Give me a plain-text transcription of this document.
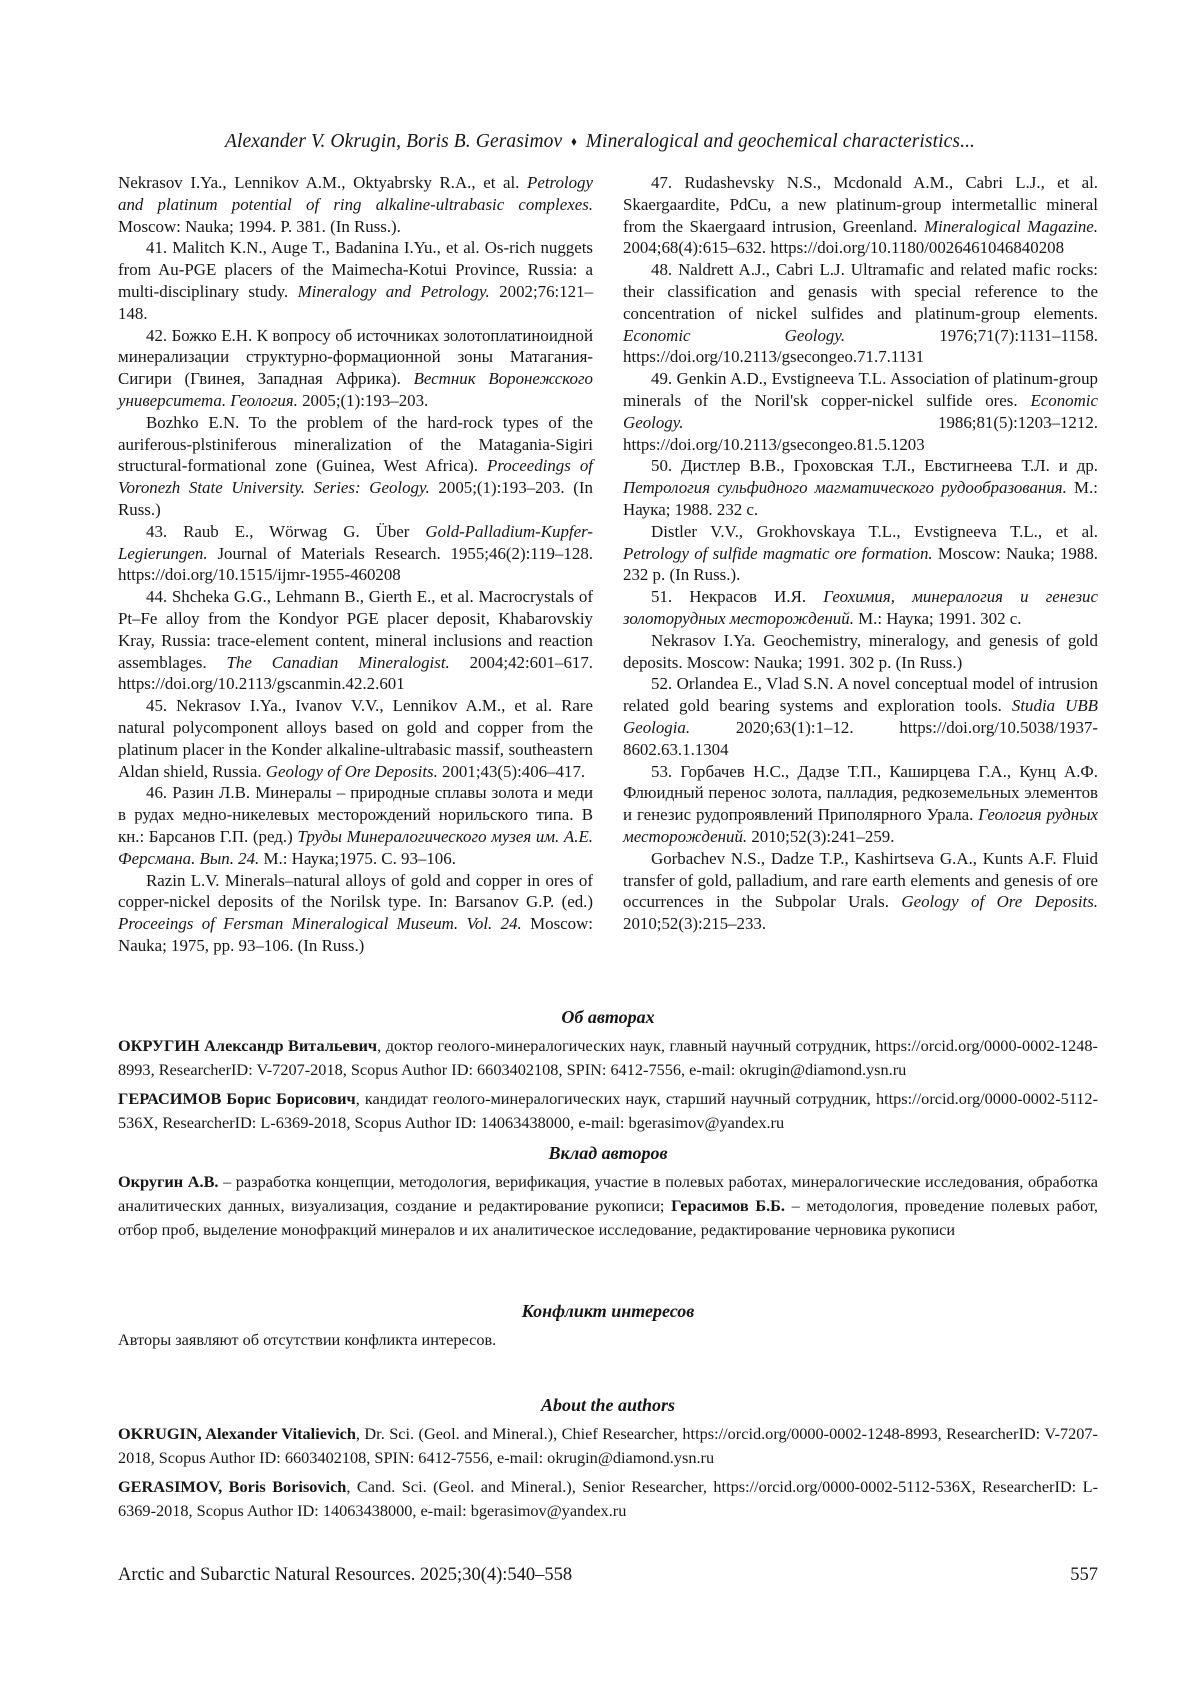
Alexander V. Okrugin, Boris B. Gerasimov ⬧ Mineralogical and geochemical characteristics...

Nekrasov I.Ya., Lennikov A.M., Oktyabrsky R.A., et al. Petrology and platinum potential of ring alkaline-ultrabasic complexes. Moscow: Nauka; 1994. P. 381. (In Russ.).

41. Malitch K.N., Auge T., Badanina I.Yu., et al. Os-rich nuggets from Au-PGE placers of the Maimecha-Kotui Province, Russia: a multi-disciplinary study. Mineralogy and Petrology. 2002;76:121–148.

42. Божко Е.Н. К вопросу об источниках золотоплатиноидной минерализации структурно-формационной зоны Матагания-Сигири (Гвинея, Западная Африка). Вестник Воронежского университета. Геология. 2005;(1):193–203.

Bozhko E.N. To the problem of the hard-rock types of the auriferous-plstiniferous mineralization of the Matagania-Sigiri structural-formational zone (Guinea, West Africa). Proceedings of Voronezh State University. Series: Geology. 2005;(1):193–203. (In Russ.)

43. Raub E., Wörwag G. Über Gold-Palladium-Kupfer-Legierungen. Journal of Materials Research. 1955;46(2):119–128. https://doi.org/10.1515/ijmr-1955-460208

44. Shcheka G.G., Lehmann B., Gierth E., et al. Macrocrystals of Pt–Fe alloy from the Kondyor PGE placer deposit, Khabarovskiy Kray, Russia: trace-element content, mineral inclusions and reaction assemblages. The Canadian Mineralogist. 2004;42:601–617. https://doi.org/10.2113/gscanmin.42.2.601

45. Nekrasov I.Ya., Ivanov V.V., Lennikov A.M., et al. Rare natural polycomponent alloys based on gold and copper from the platinum placer in the Konder alkaline-ultrabasic massif, southeastern Aldan shield, Russia. Geology of Ore Deposits. 2001;43(5):406–417.

46. Разин Л.В. Минералы – природные сплавы золота и меди в рудах медно-никелевых месторождений норильского типа. В кн.: Барсанов Г.П. (ред.) Труды Минералогического музея им. А.Е. Ферсмана. Вып. 24. М.: Наука;1975. С. 93–106.

Razin L.V. Minerals–natural alloys of gold and copper in ores of copper-nickel deposits of the Norilsk type. In: Barsanov G.P. (ed.) Proceeings of Fersman Mineralogical Museum. Vol. 24. Moscow: Nauka; 1975, pp. 93–106. (In Russ.)

47. Rudashevsky N.S., Mcdonald A.M., Cabri L.J., et al. Skaergaardite, PdCu, a new platinum-group intermetallic mineral from the Skaergaard intrusion, Greenland. Mineralogical Magazine. 2004;68(4):615–632. https://doi.org/10.1180/0026461046840208

48. Naldrett A.J., Cabri L.J. Ultramafic and related mafic rocks: their classification and genasis with special reference to the concentration of nickel sulfides and platinum-group elements. Economic Geology. 1976;71(7):1131–1158. https://doi.org/10.2113/gsecongeo.71.7.1131

49. Genkin A.D., Evstigneeva T.L. Association of platinum-group minerals of the Noril'sk copper-nickel sulfide ores. Economic Geology. 1986;81(5):1203–1212. https://doi.org/10.2113/gsecongeo.81.5.1203

50. Дистлер В.В., Гроховская Т.Л., Евстигнеева Т.Л. и др. Петрология сульфидного магматического рудообразования. М.: Наука; 1988. 232 с.

Distler V.V., Grokhovskaya T.L., Evstigneeva T.L., et al. Petrology of sulfide magmatic ore formation. Moscow: Nauka; 1988. 232 p. (In Russ.).

51. Некрасов И.Я. Геохимия, минералогия и генезис золоторудных месторождений. М.: Наука; 1991. 302 с.

Nekrasov I.Ya. Geochemistry, mineralogy, and genesis of gold deposits. Moscow: Nauka; 1991. 302 p. (In Russ.)

52. Orlandea E., Vlad S.N. A novel conceptual model of intrusion related gold bearing systems and exploration tools. Studia UBB Geologia. 2020;63(1):1–12. https://doi.org/10.5038/1937-8602.63.1.1304

53. Горбачев Н.С., Дадзе Т.П., Каширцева Г.А., Кунц А.Ф. Флюидный перенос золота, палладия, редкоземельных элементов и генезис рудопроявлений Приполярного Урала. Геология рудных месторождений. 2010;52(3):241–259.

Gorbachev N.S., Dadze T.P., Kashirtseva G.A., Kunts A.F. Fluid transfer of gold, palladium, and rare earth elements and genesis of ore occurrences in the Subpolar Urals. Geology of Ore Deposits. 2010;52(3):215–233.

Об авторах

ОКРУГИН Александр Витальевич, доктор геолого-минералогических наук, главный научный сотрудник, https://orcid.org/0000-0002-1248-8993, ResearcherID: V-7207-2018, Scopus Author ID: 6603402108, SPIN: 6412-7556, e-mail: okrugin@diamond.ysn.ru

ГЕРАСИМОВ Борис Борисович, кандидат геолого-минералогических наук, старший научный сотрудник, https://orcid.org/0000-0002-5112-536X, ResearcherID: L-6369-2018, Scopus Author ID: 14063438000, e-mail: bgerasimov@yandex.ru

Вклад авторов

Округин А.В. – разработка концепции, методология, верификация, участие в полевых работах, минералогические исследования, обработка аналитических данных, визуализация, создание и редактирование рукописи; Герасимов Б.Б. – методология, проведение полевых работ, отбор проб, выделение монофракций минералов и их аналитическое исследование, редактирование черновика рукописи

Конфликт интересов

Авторы заявляют об отсутствии конфликта интересов.

About the authors

OKRUGIN, Alexander Vitalievich, Dr. Sci. (Geol. and Mineral.), Chief Researcher, https://orcid.org/0000-0002-1248-8993, ResearcherID: V-7207-2018, Scopus Author ID: 6603402108, SPIN: 6412-7556, e-mail: okrugin@diamond.ysn.ru

GERASIMOV, Boris Borisovich, Cand. Sci. (Geol. and Mineral.), Senior Researcher, https://orcid.org/0000-0002-5112-536X, ResearcherID: L-6369-2018, Scopus Author ID: 14063438000, e-mail: bgerasimov@yandex.ru

Arctic and Subarctic Natural Resources. 2025;30(4):540–558	557
